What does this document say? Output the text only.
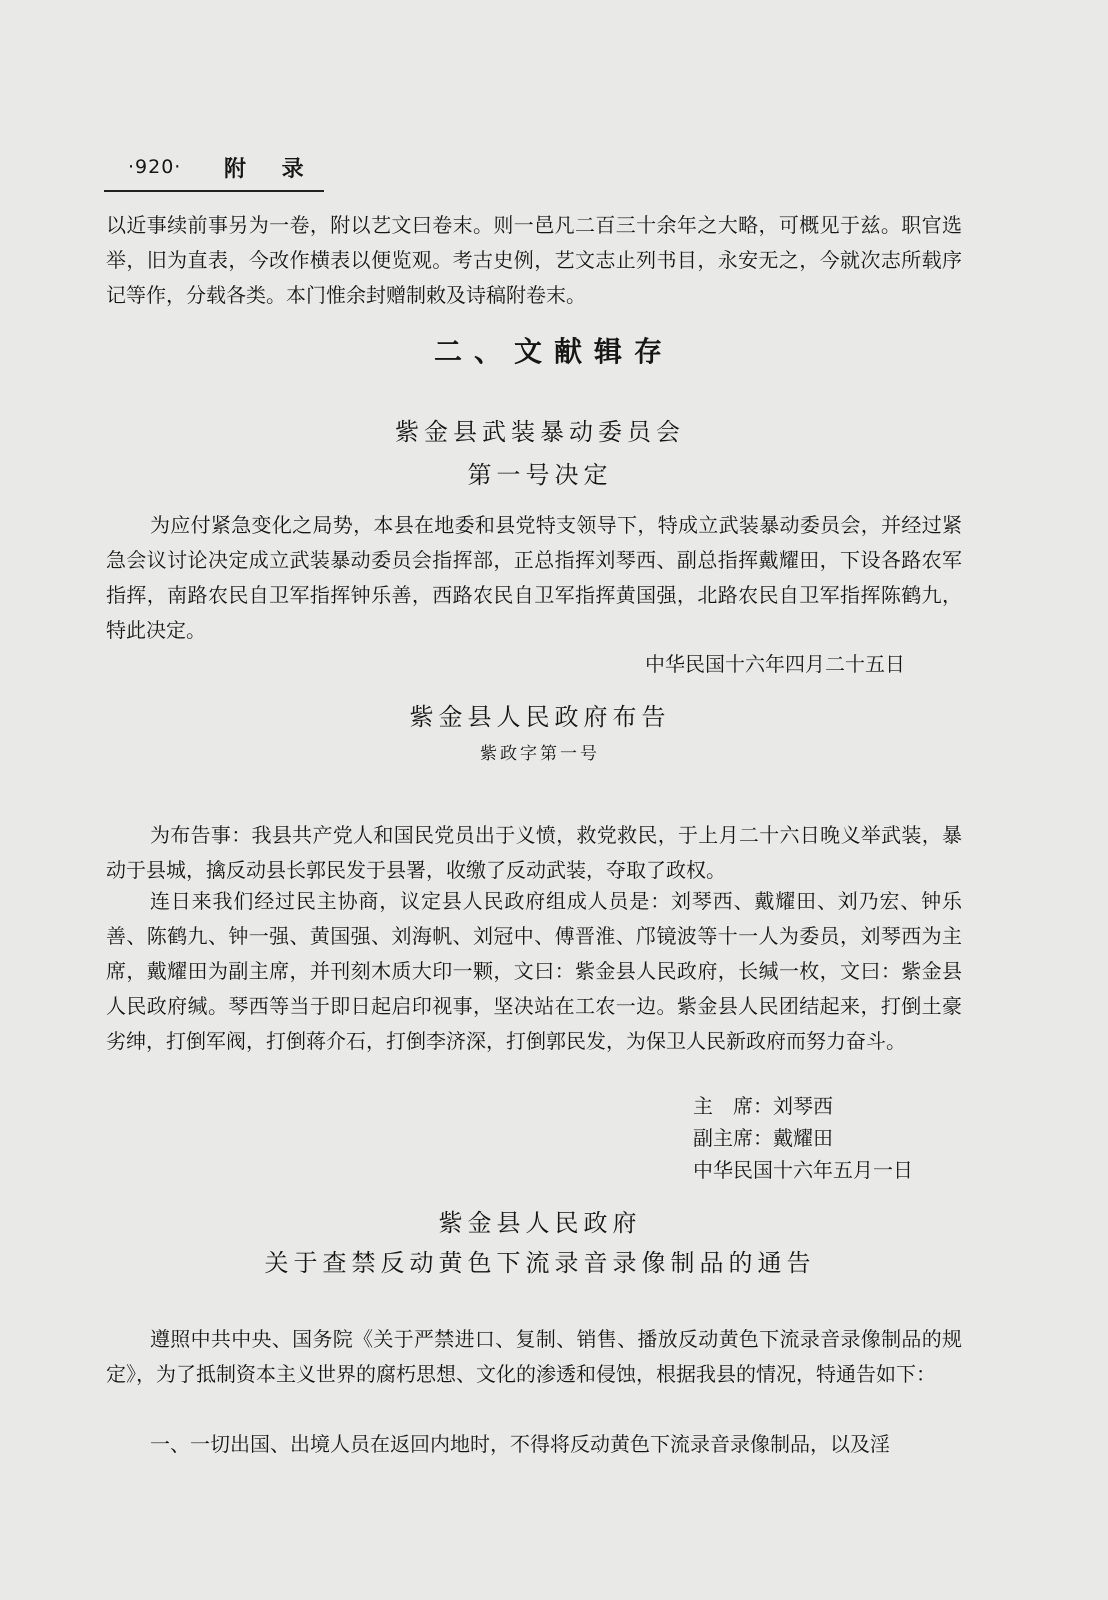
·920· 附 录

以近事续前事另为一卷，附以艺文曰卷末。则一邑凡二百三十余年之大略，可概见于兹。职官选举，旧为直表，今改作横表以便览观。考古史例，艺文志止列书目，永安无之，今就次志所载序记等作，分载各类。本门惟余封赠制敕及诗稿附卷末。

二、文献辑存
紫金县武装暴动委员会
第一号决定

为应付紧急变化之局势，本县在地委和县党特支领导下，特成立武装暴动委员会，并经过紧急会议讨论决定成立武装暴动委员会指挥部，正总指挥刘琴西、副总指挥戴耀田，下设各路农军指挥，南路农民自卫军指挥钟乐善，西路农民自卫军指挥黄国强，北路农民自卫军指挥陈鹤九，特此决定。

中华民国十六年四月二十五日
紫金县人民政府布告
紫政字第一号

为布告事：我县共产党人和国民党员出于义愤，救党救民，于上月二十六日晚义举武装，暴动于县城，擒反动县长郭民发于县署，收缴了反动武装，夺取了政权。

连日来我们经过民主协商，议定县人民政府组成人员是：刘琴西、戴耀田、刘乃宏、钟乐善、陈鹤九、钟一强、黄国强、刘海帆、刘冠中、傅晋淮、邝镜波等十一人为委员，刘琴西为主席，戴耀田为副主席，并刊刻木质大印一颗，文曰：紫金县人民政府，长缄一枚，文曰：紫金县人民政府缄。琴西等当于即日起启印视事，坚决站在工农一边。紫金县人民团结起来，打倒土豪劣绅，打倒军阀，打倒蒋介石，打倒李济深，打倒郭民发，为保卫人民新政府而努力奋斗。

主　席：刘琴西
副主席：戴耀田
中华民国十六年五月一日
紫金县人民政府
关于查禁反动黄色下流录音录像制品的通告

遵照中共中央、国务院《关于严禁进口、复制、销售、播放反动黄色下流录音录像制品的规定》，为了抵制资本主义世界的腐朽思想、文化的渗透和侵蚀，根据我县的情况，特通告如下：

一、一切出国、出境人员在返回内地时，不得将反动黄色下流录音录像制品，以及淫
